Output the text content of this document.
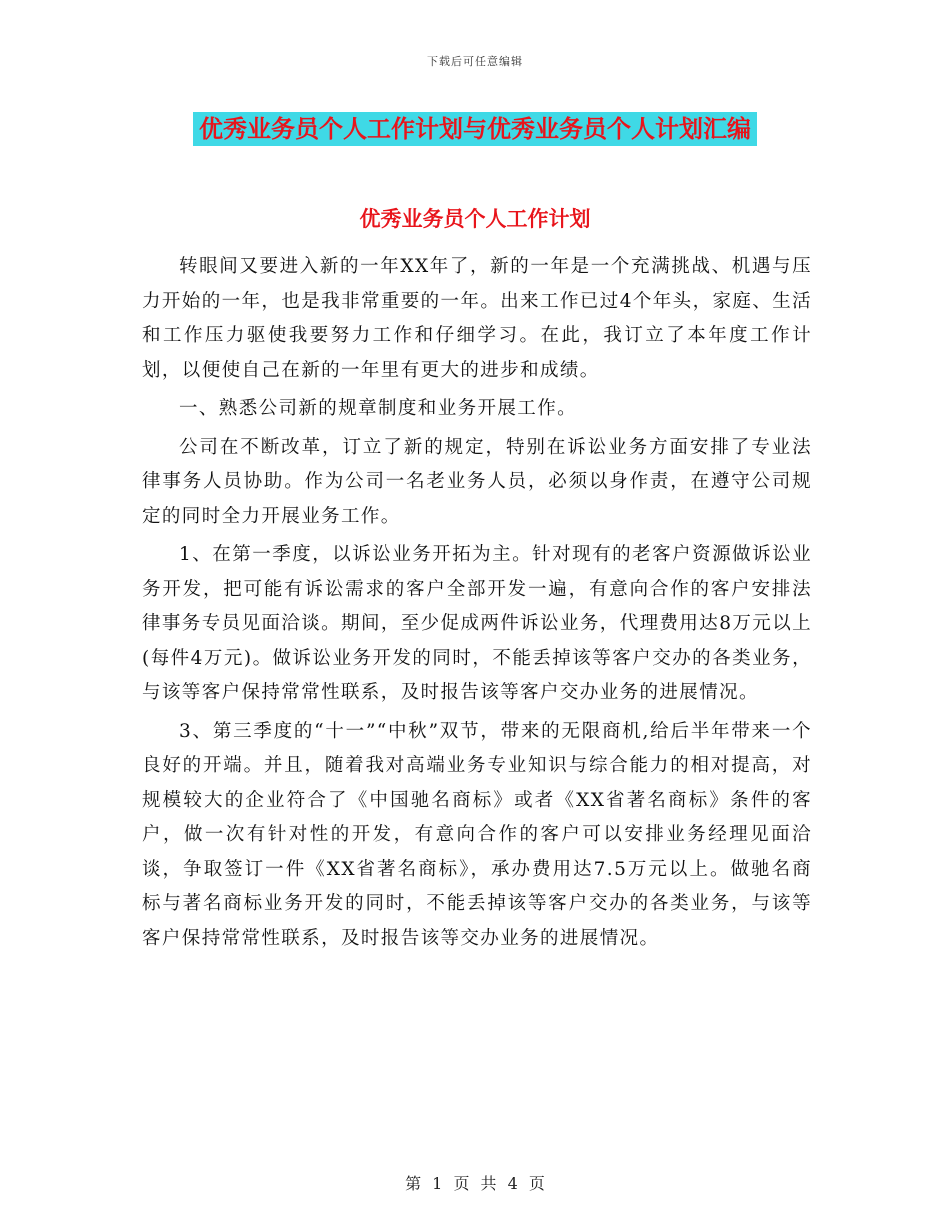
下载后可任意编辑
优秀业务员个人工作计划与优秀业务员个人计划汇编
优秀业务员个人工作计划

转眼间又要进入新的一年XX年了，新的一年是一个充满挑战、机遇与压力开始的一年，也是我非常重要的一年。出来工作已过4个年头，家庭、生活和工作压力驱使我要努力工作和仔细学习。在此，我订立了本年度工作计划，以便使自己在新的一年里有更大的进步和成绩。

一、熟悉公司新的规章制度和业务开展工作。

公司在不断改革，订立了新的规定，特别在诉讼业务方面安排了专业法律事务人员协助。作为公司一名老业务人员，必须以身作责，在遵守公司规定的同时全力开展业务工作。

1、在第一季度，以诉讼业务开拓为主。针对现有的老客户资源做诉讼业务开发，把可能有诉讼需求的客户全部开发一遍，有意向合作的客户安排法律事务专员见面洽谈。期间，至少促成两件诉讼业务，代理费用达8万元以上(每件4万元)。做诉讼业务开发的同时，不能丢掉该等客户交办的各类业务，与该等客户保持常常性联系，及时报告该等客户交办业务的进展情况。

3、第三季度的“十一”“中秋”双节，带来的无限商机,给后半年带来一个良好的开端。并且，随着我对高端业务专业知识与综合能力的相对提高，对规模较大的企业符合了《中国驰名商标》或者《XX省著名商标》条件的客户，做一次有针对性的开发，有意向合作的客户可以安排业务经理见面洽谈，争取签订一件《XX省著名商标》，承办费用达7.5万元以上。做驰名商标与著名商标业务开发的同时，不能丢掉该等客户交办的各类业务，与该等客户保持常常性联系，及时报告该等交办业务的进展情况。

第 1 页 共 4 页
